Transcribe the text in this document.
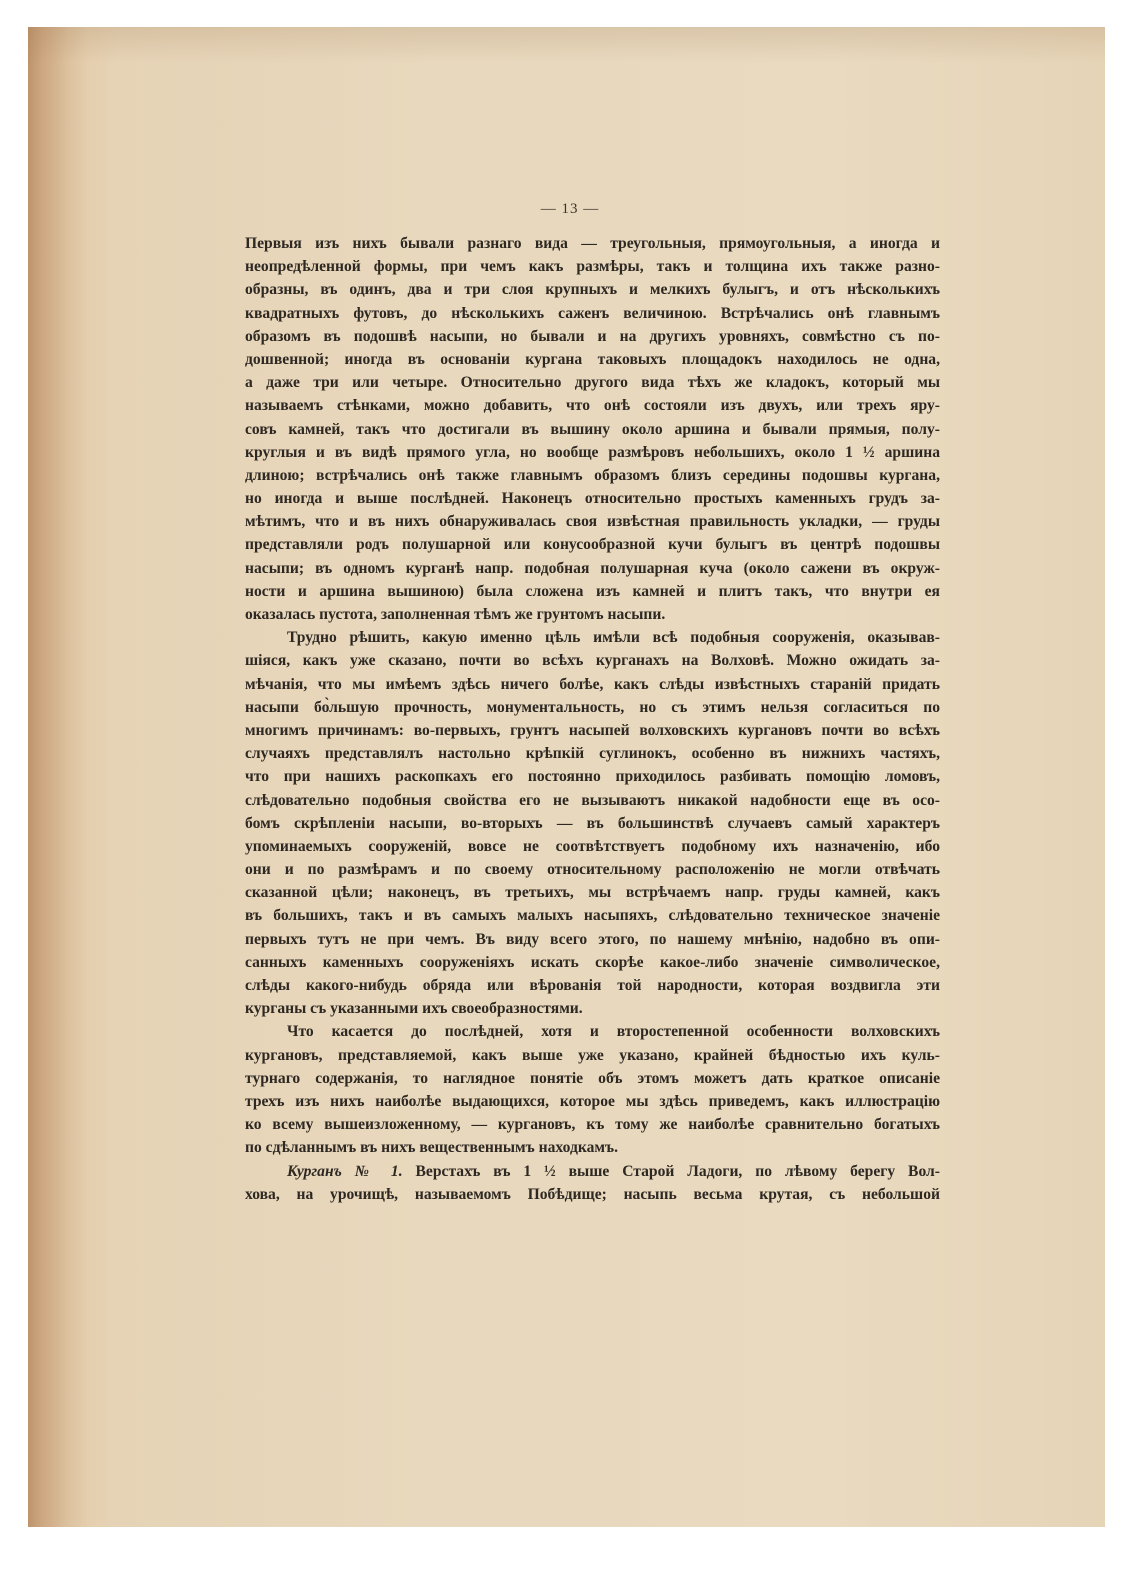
— 13 —
Первыя изъ нихъ бывали разнаго вида — треугольныя, прямоугольныя, а иногда и
неопредѣленной формы, при чемъ какъ размѣры, такъ и толщина ихъ также разно-
образны, въ одинъ, два и три слоя крупныхъ и мелкихъ булыгъ, и отъ нѣсколькихъ
квадратныхъ футовъ, до нѣсколькихъ саженъ величиною. Встрѣчались онѣ главнымъ
образомъ въ подошвѣ насыпи, но бывали и на другихъ уровняхъ, совмѣстно съ по-
дошвенной; иногда въ основаніи кургана таковыхъ площадокъ находилось не одна,
а даже три или четыре. Относительно другого вида тѣхъ же кладокъ, который мы
называемъ стѣнками, можно добавить, что онѣ состояли изъ двухъ, или трехъ яру-
совъ камней, такъ что достигали въ вышину около аршина и бывали прямыя, полу-
круглыя и въ видѣ прямого угла, но вообще размѣровъ небольшихъ, около 1 ½ аршина
длиною; встрѣчались онѣ также главнымъ образомъ близъ середины подошвы кургана,
но иногда и выше послѣдней. Наконецъ относительно простыхъ каменныхъ грудъ за-
мѣтимъ, что и въ нихъ обнаруживалась своя извѣстная правильность укладки, — груды
представляли родъ полушарной или конусообразной кучи булыгъ въ центрѣ подошвы
насыпи; въ одномъ курганѣ напр. подобная полушарная куча (около сажени въ окруж-
ности и аршина вышиною) была сложена изъ камней и плитъ такъ, что внутри ея
оказалась пустота, заполненная тѣмъ же грунтомъ насыпи.
Трудно рѣшить, какую именно цѣль имѣли всѣ подобныя сооруженія, оказывав-
шіяся, какъ уже сказано, почти во всѣхъ курганахъ на Волховѣ. Можно ожидать за-
мѣчанія, что мы имѣемъ здѣсь ничего болѣе, какъ слѣды извѣстныхъ стараній придать
насыпи бо̀льшую прочность, монументальность, но съ этимъ нельзя согласиться по
многимъ причинамъ: во-первыхъ, грунтъ насыпей волховскихъ кургановъ почти во всѣхъ
случаяхъ представлялъ настольно крѣпкій суглинокъ, особенно въ нижнихъ частяхъ,
что при нашихъ раскопкахъ его постоянно приходилось разбивать помощію ломовъ,
слѣдовательно подобныя свойства его не вызываютъ никакой надобности еще въ осо-
бомъ скрѣпленіи насыпи, во-вторыхъ — въ большинствѣ случаевъ самый характеръ
упоминаемыхъ сооруженій, вовсе не соотвѣтствуетъ подобному ихъ назначенію, ибо
они и по размѣрамъ и по своему относительному расположенію не могли отвѣчать
сказанной цѣли; наконецъ, въ третьихъ, мы встрѣчаемъ напр. груды камней, какъ
въ большихъ, такъ и въ самыхъ малыхъ насыпяхъ, слѣдовательно техническое значеніе
первыхъ тутъ не при чемъ. Въ виду всего этого, по нашему мнѣнію, надобно въ опи-
санныхъ каменныхъ сооруженіяхъ искать скорѣе какое-либо значеніе символическое,
слѣды какого-нибудь обряда или вѣрованія той народности, которая воздвигла эти
курганы съ указанными ихъ своеобразностями.
Что касается до послѣдней, хотя и второстепенной особенности волховскихъ
кургановъ, представляемой, какъ выше уже указано, крайней бѣдностью ихъ куль-
турнаго содержанія, то наглядное понятіе объ этомъ можетъ дать краткое описаніе
трехъ изъ нихъ наиболѣе выдающихся, которое мы здѣсь приведемъ, какъ иллюстрацію
ко всему вышеизложенному, — кургановъ, къ тому же наиболѣе сравнительно богатыхъ
по сдѣланнымъ въ нихъ вещественнымъ находкамъ.
Курганъ № 1. Верстахъ въ 1 ½ выше Старой Ладоги, по лѣвому берегу Вол-
хова, на урочищѣ, называемомъ Побѣдище; насыпь весьма крутая, съ небольшой
